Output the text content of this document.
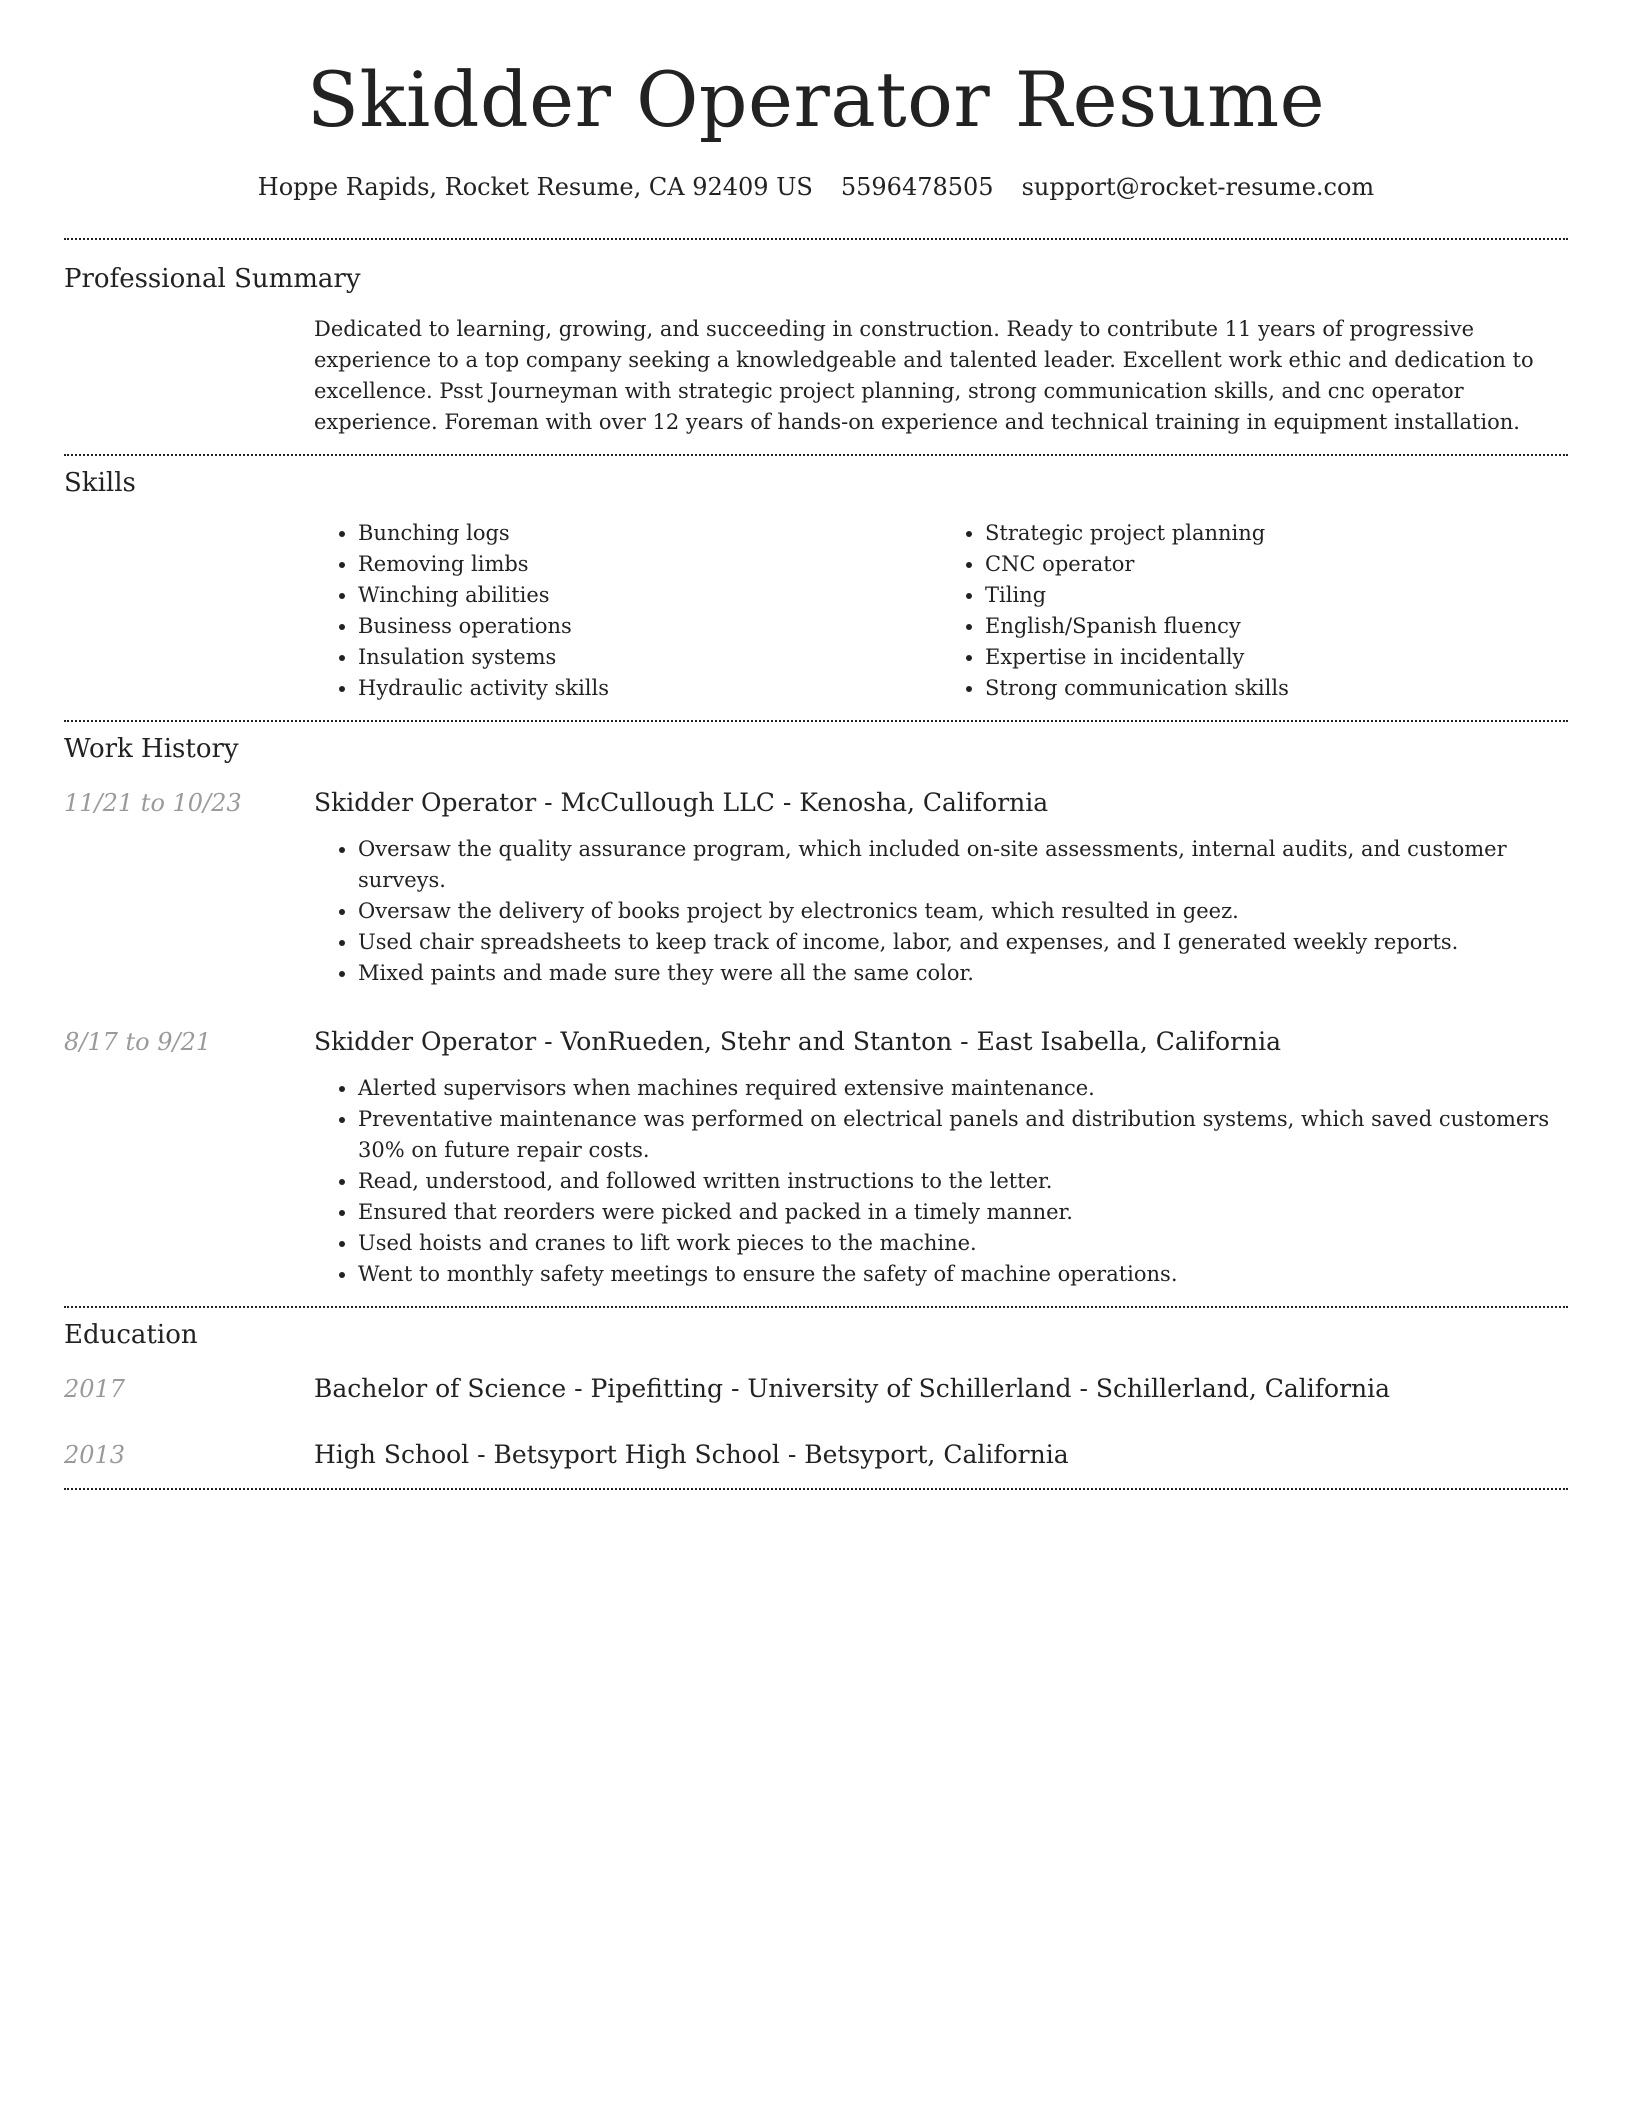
Skidder Operator Resume
Hoppe Rapids, Rocket Resume, CA 92409 US 5596478505 support@rocket-resume.com
Professional Summary

Dedicated to learning, growing, and succeeding in construction. Ready to contribute 11 years of progressive experience to a top company seeking a knowledgeable and talented leader. Excellent work ethic and dedication to excellence. Psst Journeyman with strategic project planning, strong communication skills, and cnc operator experience. Foreman with over 12 years of hands-on experience and technical training in equipment installation.

Skills
• Bunching logs
• Removing limbs
• Winching abilities
• Business operations
• Insulation systems
• Hydraulic activity skills
• Strategic project planning
• CNC operator
• Tiling
• English/Spanish fluency
• Expertise in incidentally
• Strong communication skills
Work History
11/21 to 10/23	Skidder Operator - McCullough LLC - Kenosha, California
• Oversaw the quality assurance program, which included on-site assessments, internal audits, and customer surveys.
• Oversaw the delivery of books project by electronics team, which resulted in geez.
• Used chair spreadsheets to keep track of income, labor, and expenses, and I generated weekly reports.
• Mixed paints and made sure they were all the same color.
8/17 to 9/21	Skidder Operator - VonRueden, Stehr and Stanton - East Isabella, California
• Alerted supervisors when machines required extensive maintenance.
• Preventative maintenance was performed on electrical panels and distribution systems, which saved customers 30% on future repair costs.
• Read, understood, and followed written instructions to the letter.
• Ensured that reorders were picked and packed in a timely manner.
• Used hoists and cranes to lift work pieces to the machine.
• Went to monthly safety meetings to ensure the safety of machine operations.
Education
2017	Bachelor of Science - Pipefitting - University of Schillerland - Schillerland, California
2013	High School - Betsyport High School - Betsyport, California
